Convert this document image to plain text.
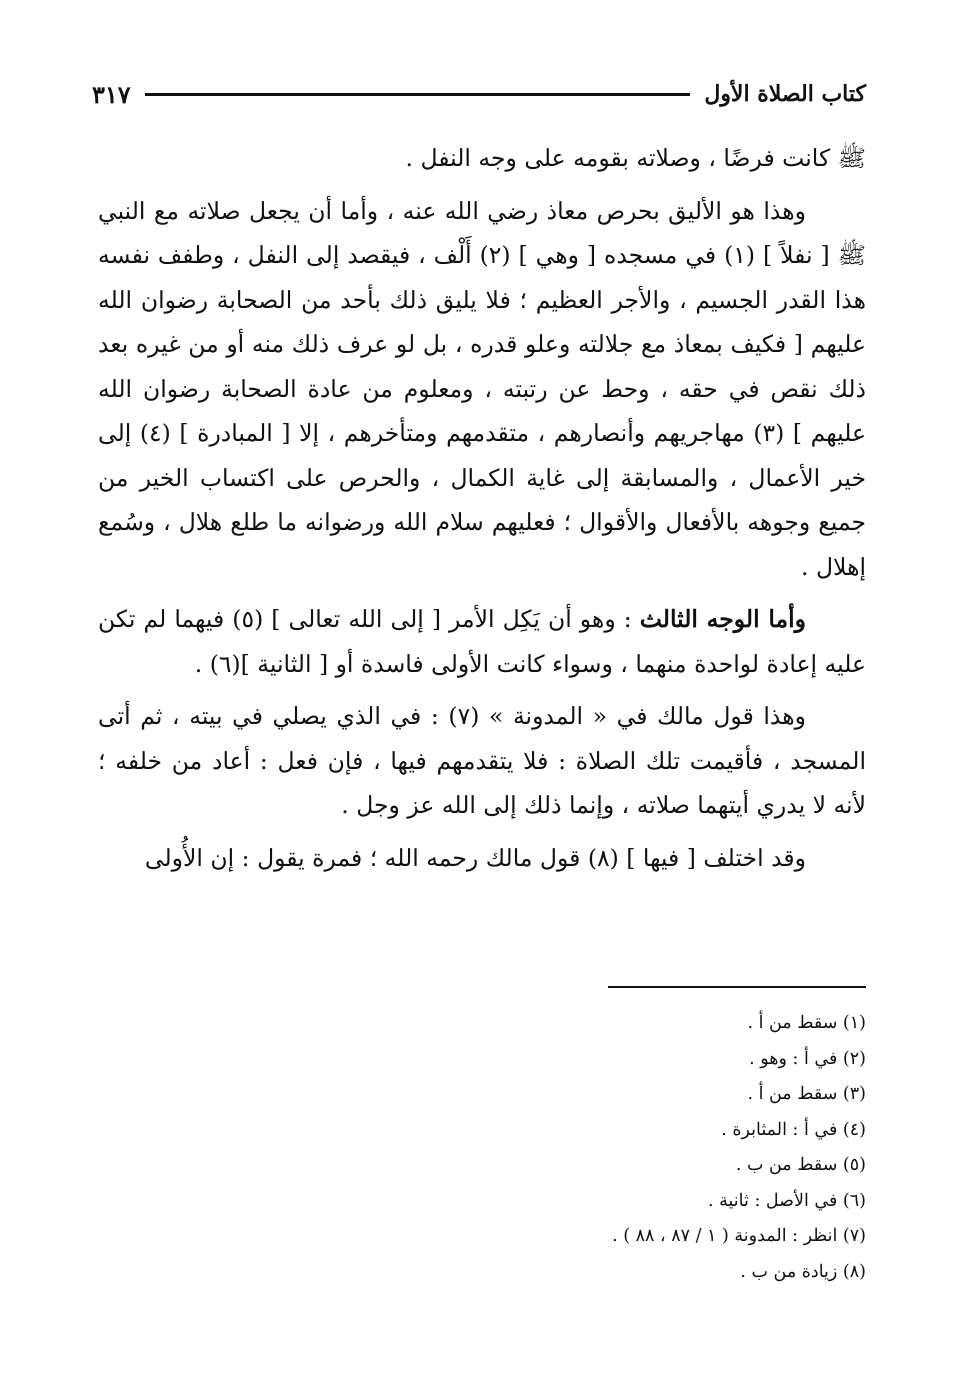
كتاب الصلاة الأول
٣١٧

ﷺ كانت فرضًا ، وصلاته بقومه على وجه النفل .

وهذا هو الأليق بحرص معاذ رضي الله عنه ، وأما أن يجعل صلاته مع النبي ﷺ [ نفلاً ] (١) في مسجده [ وهي ] (٢) أَلْف ، فيقصد إلى النفل ، وطفف نفسه هذا القدر الجسيم ، والأجر العظيم ؛ فلا يليق ذلك بأحد من الصحابة رضوان الله عليهم [ فكيف بمعاذ مع جلالته وعلو قدره ، بل لو عرف ذلك منه أو من غيره بعد ذلك نقص في حقه ، وحط عن رتبته ، ومعلوم من عادة الصحابة رضوان الله عليهم ] (٣) مهاجريهم وأنصارهم ، متقدمهم ومتأخرهم ، إلا [ المبادرة ] (٤) إلى خير الأعمال ، والمسابقة إلى غاية الكمال ، والحرص على اكتساب الخير من جميع وجوهه بالأفعال والأقوال ؛ فعليهم سلام الله ورضوانه ما طلع هلال ، وسُمع إهلال .

وأما الوجه الثالث : وهو أن يَكِل الأمر [ إلى الله تعالى ] (٥) فيهما لم تكن عليه إعادة لواحدة منهما ، وسواء كانت الأولى فاسدة أو [ الثانية ](٦) .

وهذا قول مالك في « المدونة » (٧) : في الذي يصلي في بيته ، ثم أتى المسجد ، فأقيمت تلك الصلاة : فلا يتقدمهم فيها ، فإن فعل : أعاد من خلفه ؛ لأنه لا يدري أيتهما صلاته ، وإنما ذلك إلى الله عز وجل .

وقد اختلف [ فيها ] (٨) قول مالك رحمه الله ؛ فمرة يقول : إن الأُولى

(١) سقط من أ .
(٢) في أ : وهو .
(٣) سقط من أ .
(٤) في أ : المثابرة .
(٥) سقط من ب .
(٦) في الأصل : ثانية .
(٧) انظر : المدونة ( ١ / ٨٧ ، ٨٨ ) .
(٨) زيادة من ب .
